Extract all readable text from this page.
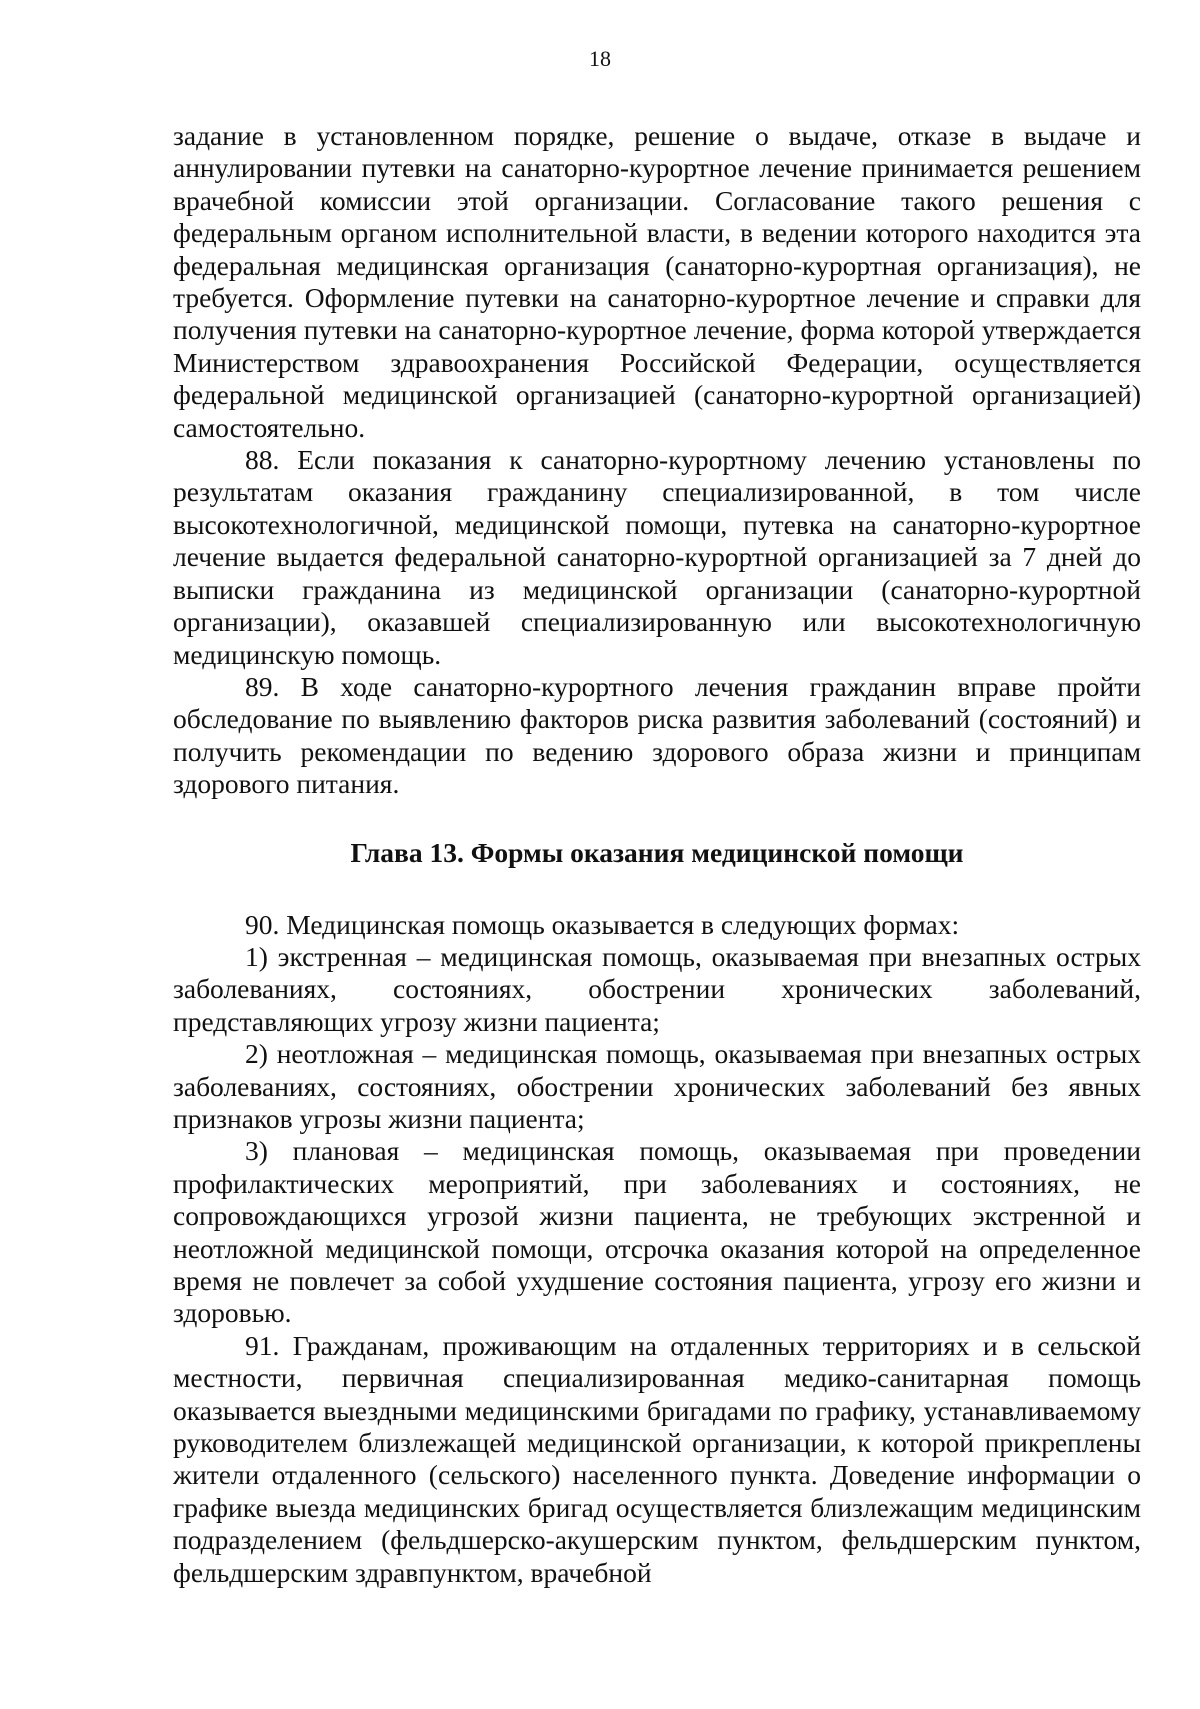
18

задание в установленном порядке, решение о выдаче, отказе в выдаче и аннулировании путевки на санаторно-курортное лечение принимается решением врачебной комиссии этой организации. Согласование такого решения с федеральным органом исполнительной власти, в ведении которого находится эта федеральная медицинская организация (санаторно-курортная организация), не требуется. Оформление путевки на санаторно-курортное лечение и справки для получения путевки на санаторно-курортное лечение, форма которой утверждается Министерством здравоохранения Российской Федерации, осуществляется федеральной медицинской организацией (санаторно-курортной организацией) самостоятельно.

88. Если показания к санаторно-курортному лечению установлены по результатам оказания гражданину специализированной, в том числе высокотехнологичной, медицинской помощи, путевка на санаторно-курортное лечение выдается федеральной санаторно-курортной организацией за 7 дней до выписки гражданина из медицинской организации (санаторно-курортной организации), оказавшей специализированную или высокотехнологичную медицинскую помощь.

89. В ходе санаторно-курортного лечения гражданин вправе пройти обследование по выявлению факторов риска развития заболеваний (состояний) и получить рекомендации по ведению здорового образа жизни и принципам здорового питания.

Глава 13. Формы оказания медицинской помощи

90. Медицинская помощь оказывается в следующих формах:

1) экстренная – медицинская помощь, оказываемая при внезапных острых заболеваниях, состояниях, обострении хронических заболеваний, представляющих угрозу жизни пациента;

2) неотложная – медицинская помощь, оказываемая при внезапных острых заболеваниях, состояниях, обострении хронических заболеваний без явных признаков угрозы жизни пациента;

3) плановая – медицинская помощь, оказываемая при проведении профилактических мероприятий, при заболеваниях и состояниях, не сопровождающихся угрозой жизни пациента, не требующих экстренной и неотложной медицинской помощи, отсрочка оказания которой на определенное время не повлечет за собой ухудшение состояния пациента, угрозу его жизни и здоровью.

91. Гражданам, проживающим на отдаленных территориях и в сельской местности, первичная специализированная медико-санитарная помощь оказывается выездными медицинскими бригадами по графику, устанавливаемому руководителем близлежащей медицинской организации, к которой прикреплены жители отдаленного (сельского) населенного пункта. Доведение информации о графике выезда медицинских бригад осуществляется близлежащим медицинским подразделением (фельдшерско-акушерским пунктом, фельдшерским пунктом, фельдшерским здравпунктом, врачебной
